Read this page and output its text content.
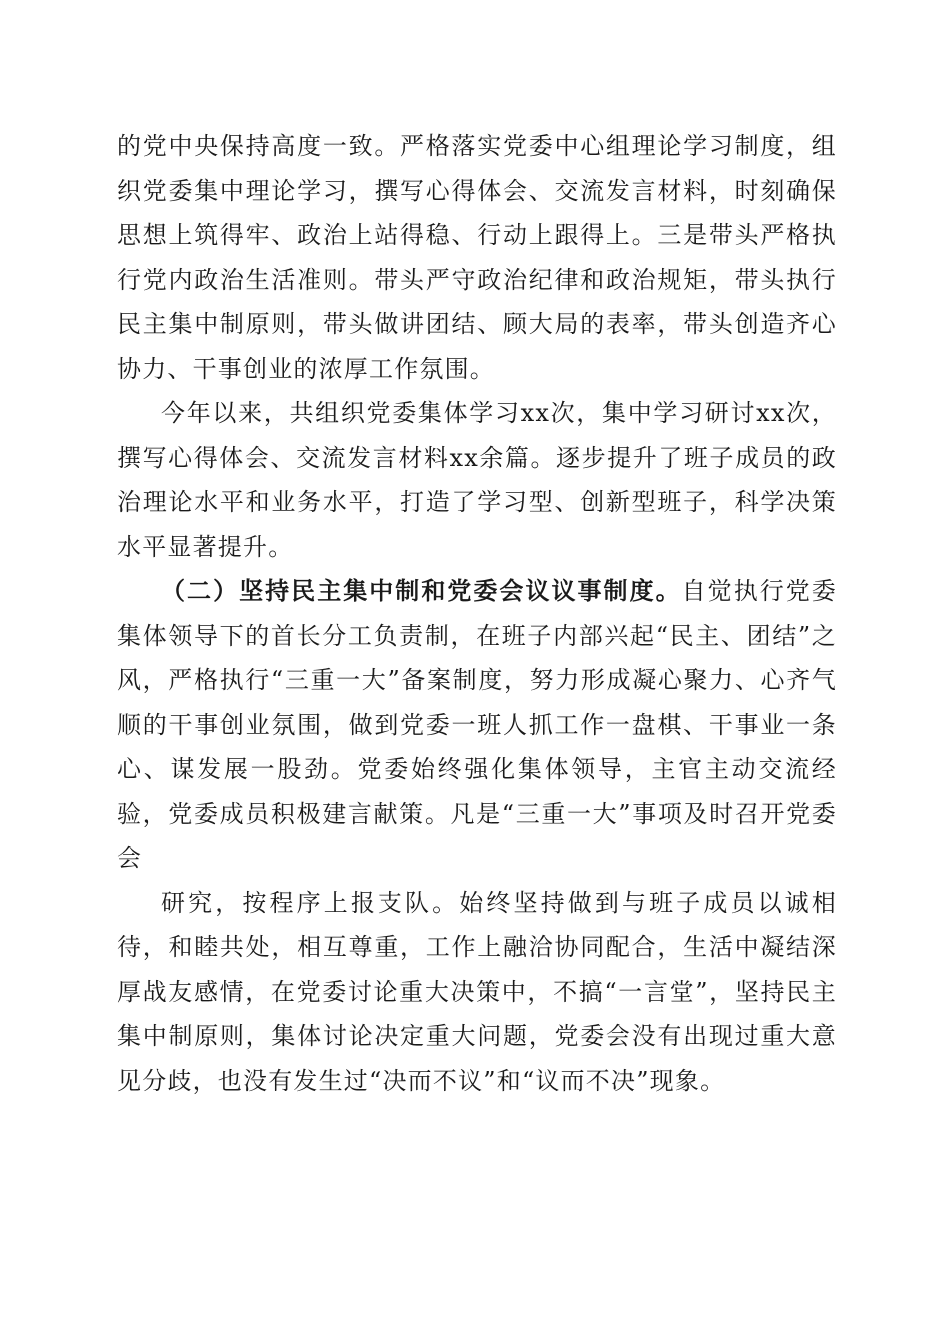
的党中央保持高度一致。严格落实党委中心组理论学习制度，组织党委集中理论学习，撰写心得体会、交流发言材料，时刻确保思想上筑得牢、政治上站得稳、行动上跟得上。三是带头严格执行党内政治生活准则。带头严守政治纪律和政治规矩，带头执行民主集中制原则，带头做讲团结、顾大局的表率，带头创造齐心协力、干事创业的浓厚工作氛围。

今年以来，共组织党委集体学习xx次，集中学习研讨xx次，撰写心得体会、交流发言材料xx余篇。逐步提升了班子成员的政治理论水平和业务水平，打造了学习型、创新型班子，科学决策水平显著提升。

（二）坚持民主集中制和党委会议议事制度。自觉执行党委集体领导下的首长分工负责制，在班子内部兴起“民主、团结”之风，严格执行“三重一大”备案制度，努力形成凝心聚力、心齐气顺的干事创业氛围，做到党委一班人抓工作一盘棋、干事业一条心、谋发展一股劲。党委始终强化集体领导，主官主动交流经验，党委成员积极建言献策。凡是“三重一大”事项及时召开党委会

研究，按程序上报支队。始终坚持做到与班子成员以诚相待，和睦共处，相互尊重，工作上融洽协同配合，生活中凝结深厚战友感情，在党委讨论重大决策中，不搞“一言堂”，坚持民主集中制原则，集体讨论决定重大问题，党委会没有出现过重大意见分歧，也没有发生过“决而不议”和“议而不决”现象。
